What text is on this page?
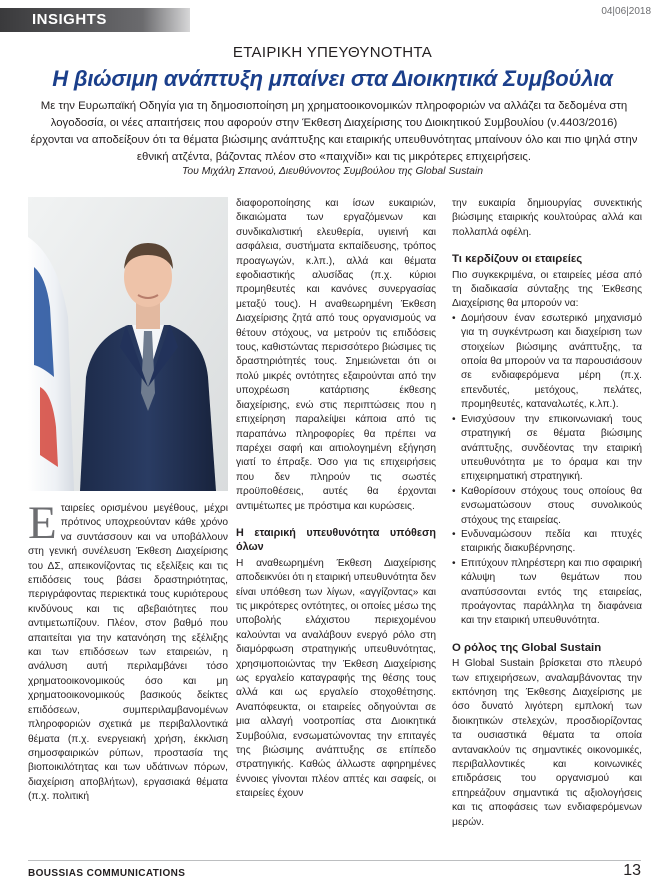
INSIGHTS	04|06|2018
ΕΤΑΙΡΙΚΗ ΥΠΕΥΘΥΝΟΤΗΤΑ
Η βιώσιμη ανάπτυξη μπαίνει στα Διοικητικά Συμβούλια
Με την Ευρωπαϊκή Οδηγία για τη δημοσιοποίηση μη χρηματοοικονομικών πληροφοριών να αλλάζει τα δεδομένα στη λογοδοσία, οι νέες απαιτήσεις που αφορούν στην Έκθεση Διαχείρισης του Διοικητικού Συμβουλίου (ν.4403/2016) έρχονται να αποδείξουν ότι τα θέματα βιώσιμης ανάπτυξης και εταιρικής υπευθυνότητας μπαίνουν όλο και πιο ψηλά στην εθνική ατζέντα, βάζοντας πλέον στο «παιχνίδι» και τις μικρότερες επιχειρήσεις.
Του Μιχάλη Σπανού, Διευθύνοντος Συμβούλου της Global Sustain

Εταιρείες ορισμένου μεγέθους, μέχρι πρότινος υποχρεούνταν κάθε χρόνο να συντάσσουν και να υποβάλλουν στη γενική συνέλευση Έκθεση Διαχείρισης του ΔΣ, απεικονίζοντας τις εξελίξεις και τις επιδόσεις τους βάσει δραστηριότητας, περιγράφοντας περιεκτικά τους κυριότερους κινδύνους και τις αβεβαιότητες που αντιμετωπίζουν. Πλέον, στον βαθμό που απαιτείται για την κατανόηση της εξέλιξης και των επιδόσεων των εταιρειών, η ανάλυση αυτή περιλαμβάνει τόσο χρηματοοικονομικούς όσο και μη χρηματοοικονομικούς βασικούς δείκτες επιδόσεων, συμπεριλαμβανομένων πληροφοριών σχετικά με περιβαλλοντικά θέματα (π.χ. ενεργειακή χρήση, έκκλιση σημοσφαιρικών ρύπων, προστασία της βιοποικιλότητας και των υδάτινων πόρων, διαχείριση αποβλήτων), εργασιακά θέματα (π.χ. πολιτική

διαφοροποίησης και ίσων ευκαιριών, δικαιώματα των εργαζόμενων και συνδικαλιστική ελευθερία, υγιεινή και ασφάλεια, συστήματα εκπαίδευσης, τρόπος προαγωγών, κ.λπ.), αλλά και θέματα εφοδιαστικής αλυσίδας (π.χ. κύριοι προμηθευτές και κανόνες συνεργασίας μεταξύ τους). Η αναθεωρημένη Έκθεση Διαχείρισης ζητά από τους οργανισμούς να θέτουν στόχους, να μετρούν τις επιδόσεις τους, καθιστώντας περισσότερο βιώσιμες τις δραστηριότητές τους. Σημειώνεται ότι οι πολύ μικρές οντότητες εξαιρούνται από την υποχρέωση κατάρτισης έκθεσης διαχείρισης, ενώ στις περιπτώσεις που η επιχείρηση παραλείψει κάποια από τις παραπάνω πληροφορίες θα πρέπει να παρέχει σαφή και αιτιολογημένη εξήγηση γιατί το έπραξε. Όσο για τις επιχειρήσεις που δεν πληρούν τις σωστές προϋποθέσεις, αυτές θα έρχονται αντιμέτωπες με πρόστιμα και κυρώσεις.

Η εταιρική υπευθυνότητα υπόθεση όλων

Η αναθεωρημένη Έκθεση Διαχείρισης αποδεικνύει ότι η εταιρική υπευθυνότητα δεν είναι υπόθεση των λίγων, «αγγίζοντας» και τις μικρότερες οντότητες, οι οποίες μέσω της υποβολής ελάχιστου περιεχομένου καλούνται να αναλάβουν ενεργό ρόλο στη διαμόρφωση στρατηγικής υπευθυνότητας, χρησιμοποιώντας την Έκθεση Διαχείρισης ως εργαλείο καταγραφής της θέσης τους αλλά και ως εργαλείο στοχοθέτησης. Αναπόφευκτα, οι εταιρείες οδηγούνται σε μια αλλαγή νοοτροπίας στα Διοικητικά Συμβούλια, ενσωματώνοντας την επιταγές της βιώσιμης ανάπτυξης σε επίπεδο στρατηγικής. Καθώς άλλωστε αφηρημένες έννοιες γίνονται πλέον απτές και σαφείς, οι εταιρείες έχουν

την ευκαιρία δημιουργίας συνεκτικής βιώσιμης εταιρικής κουλτούρας αλλά και πολλαπλά οφέλη.

Τι κερδίζουν οι εταιρείες

Πιο συγκεκριμένα, οι εταιρείες μέσα από τη διαδικασία σύνταξης της Έκθεσης Διαχείρισης θα μπορούν να:

• Δομήσουν έναν εσωτερικό μηχανισμό για τη συγκέντρωση και διαχείριση των στοιχείων βιώσιμης ανάπτυξης, τα οποία θα μπορούν να τα παρουσιάσουν σε ενδιαφερόμενα μέρη (π.χ. επενδυτές, μετόχους, πελάτες, προμηθευτές, καταναλωτές, κ.λπ.).
• Ενισχύσουν την επικοινωνιακή τους στρατηγική σε θέματα βιώσιμης ανάπτυξης, συνδέοντας την εταιρική υπευθυνότητα με το όραμα και την επιχειρηματική στρατηγική.
• Καθορίσουν στόχους τους οποίους θα ενσωματώσουν στους συνολικούς στόχους της εταιρείας.
• Ενδυναμώσουν πεδία και πτυχές εταιρικής διακυβέρνησης.
• Επιτύχουν πληρέστερη και πιο σφαιρική κάλυψη των θεμάτων που αναπύσσονται εντός της εταιρείας, προάγοντας παράλληλα τη διαφάνεια και την εταιρική υπευθυνότητα.
Ο ρόλος της Global Sustain

Η Global Sustain βρίσκεται στο πλευρό των επιχειρήσεων, αναλαμβάνοντας την εκπόνηση της Έκθεσης Διαχείρισης με όσο δυνατό λιγότερη εμπλοκή των διοικητικών στελεχών, προσδιορίζοντας τα ουσιαστικά θέματα τα οποία αντανακλούν τις σημαντικές οικονομικές, περιβαλλοντικές και κοινωνικές επιδράσεις του οργανισμού και επηρεάζουν σημαντικά τις αξιολογήσεις και τις αποφάσεις των ενδιαφερόμενων μερών.

BOUSSIAS COMMUNICATIONS	13
